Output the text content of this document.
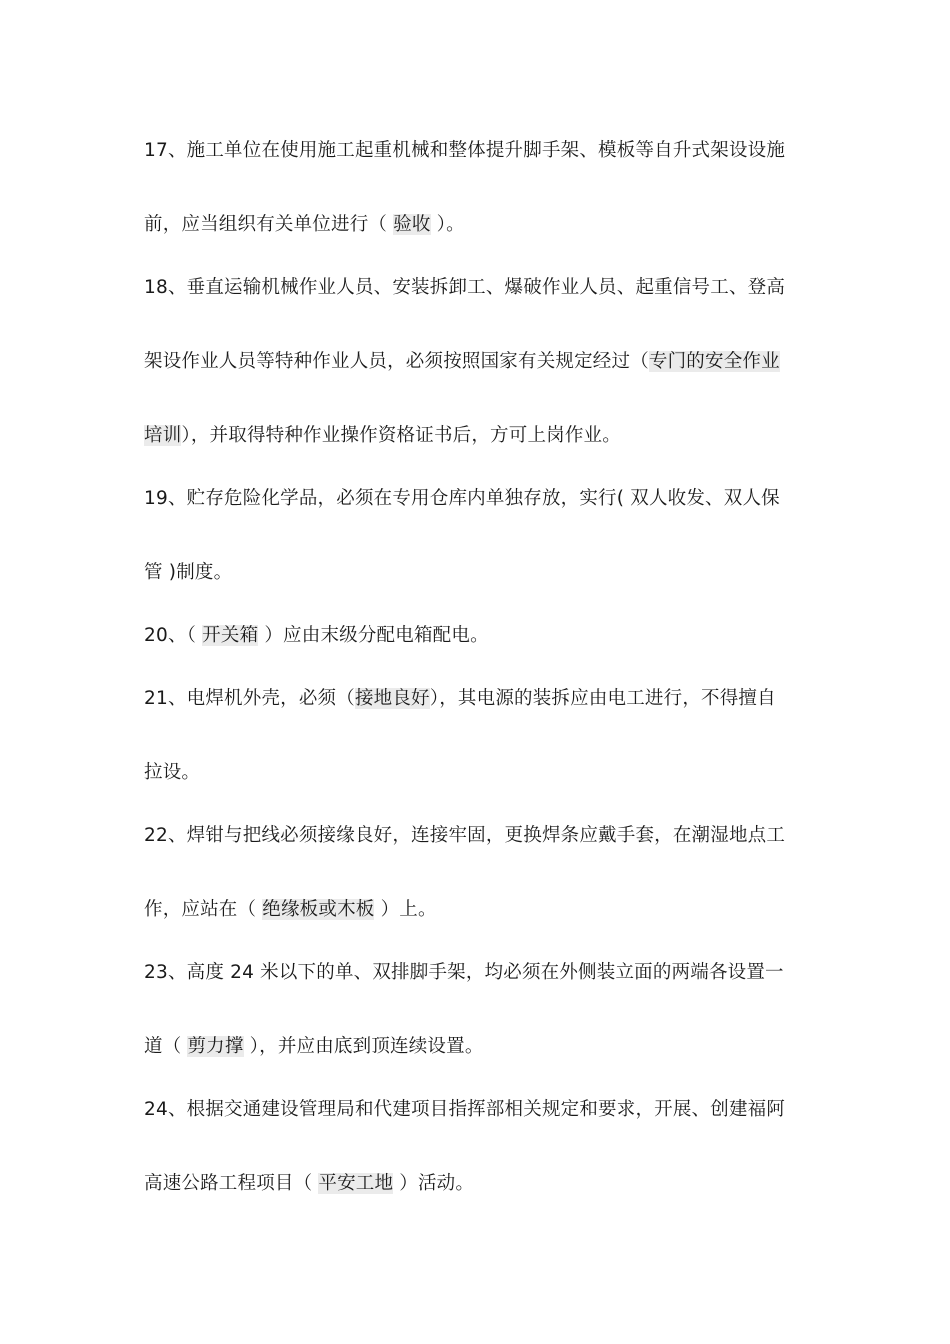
17、施工单位在使用施工起重机械和整体提升脚手架、模板等自升式架设设施
前，应当组织有关单位进行（ 验收 ）。
18、垂直运输机械作业人员、安装拆卸工、爆破作业人员、起重信号工、登高
架设作业人员等特种作业人员，必须按照国家有关规定经过（专门的安全作业
培训），并取得特种作业操作资格证书后，方可上岗作业。
19、贮存危险化学品，必须在专用仓库内单独存放，实行( 双人收发、双人保
管 )制度。
20、（ 开关箱 ）应由末级分配电箱配电。
21、电焊机外壳，必须（接地良好），其电源的装拆应由电工进行，不得擅自
拉设。
22、焊钳与把线必须接缘良好，连接牢固，更换焊条应戴手套，在潮湿地点工
作，应站在（ 绝缘板或木板 ）上。
23、高度 24 米以下的单、双排脚手架，均必须在外侧装立面的两端各设置一
道（ 剪力撑 ），并应由底到顶连续设置。
24、根据交通建设管理局和代建项目指挥部相关规定和要求，开展、创建福阿
高速公路工程项目（ 平安工地 ）活动。
